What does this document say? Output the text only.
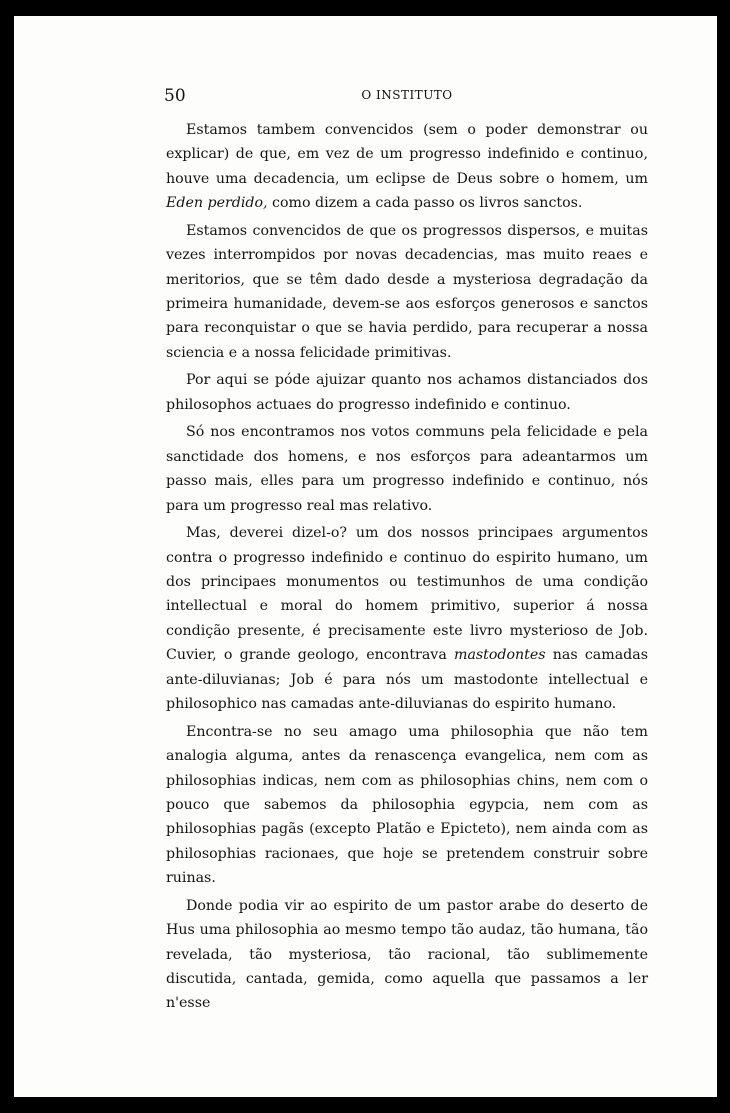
50	O INSTITUTO

Estamos tambem convencidos (sem o poder demonstrar ou explicar) de que, em vez de um progresso indefinido e continuo, houve uma decadencia, um eclipse de Deus sobre o homem, um Eden perdido, como dizem a cada passo os livros sanctos.

Estamos convencidos de que os progressos dispersos, e muitas vezes interrompidos por novas decadencias, mas muito reaes e meritorios, que se têm dado desde a mysteriosa degradação da primeira humanidade, devem-se aos esforços generosos e sanctos para reconquistar o que se havia perdido, para recuperar a nossa sciencia e a nossa felicidade primitivas.

Por aqui se póde ajuizar quanto nos achamos distanciados dos philosophos actuaes do progresso indefinido e continuo.

Só nos encontramos nos votos communs pela felicidade e pela sanctidade dos homens, e nos esforços para adeantarmos um passo mais, elles para um progresso indefinido e continuo, nós para um progresso real mas relativo.

Mas, deverei dizel-o? um dos nossos principaes argumentos contra o progresso indefinido e continuo do espirito humano, um dos principaes monumentos ou testimunhos de uma condição intellectual e moral do homem primitivo, superior á nossa condição presente, é precisamente este livro mysterioso de Job. Cuvier, o grande geologo, encontrava mastodontes nas camadas ante-diluvianas; Job é para nós um mastodonte intellectual e philosophico nas camadas ante-diluvianas do espirito humano.

Encontra-se no seu amago uma philosophia que não tem analogia alguma, antes da renascença evangelica, nem com as philosophias indicas, nem com as philosophias chins, nem com o pouco que sabemos da philosophia egypcia, nem com as philosophias pagãs (excepto Platão e Epicteto), nem ainda com as philosophias racionaes, que hoje se pretendem construir sobre ruinas.

Donde podia vir ao espirito de um pastor arabe do deserto de Hus uma philosophia ao mesmo tempo tão audaz, tão humana, tão revelada, tão mysteriosa, tão racional, tão sublimemente discutida, cantada, gemida, como aquella que passamos a ler n'esse
